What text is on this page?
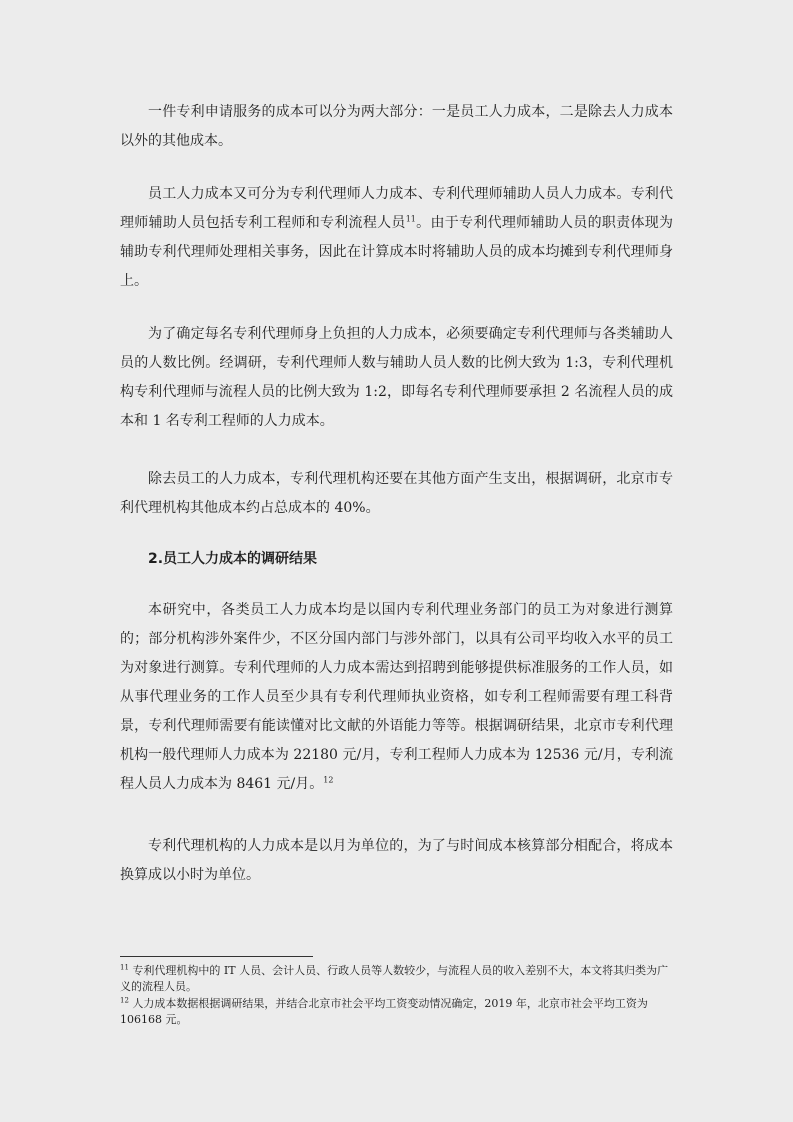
一件专利申请服务的成本可以分为两大部分：一是员工人力成本，二是除去人力成本以外的其他成本。

员工人力成本又可分为专利代理师人力成本、专利代理师辅助人员人力成本。专利代理师辅助人员包括专利工程师和专利流程人员$^{11}$。由于专利代理师辅助人员的职责体现为辅助专利代理师处理相关事务，因此在计算成本时将辅助人员的成本均摊到专利代理师身上。

为了确定每名专利代理师身上负担的人力成本，必须要确定专利代理师与各类辅助人员的人数比例。经调研，专利代理师人数与辅助人员人数的比例大致为 1:3，专利代理机构专利代理师与流程人员的比例大致为 1:2，即每名专利代理师要承担 2 名流程人员的成本和 1 名专利工程师的人力成本。

除去员工的人力成本，专利代理机构还要在其他方面产生支出，根据调研，北京市专利代理机构其他成本约占总成本的 40%。

2.员工人力成本的调研结果

本研究中，各类员工人力成本均是以国内专利代理业务部门的员工为对象进行测算的；部分机构涉外案件少，不区分国内部门与涉外部门，以具有公司平均收入水平的员工为对象进行测算。专利代理师的人力成本需达到招聘到能够提供标准服务的工作人员，如从事代理业务的工作人员至少具有专利代理师执业资格，如专利工程师需要有理工科背景，专利代理师需要有能读懂对比文献的外语能力等等。根据调研结果，北京市专利代理机构一般代理师人力成本为 22180 元/月，专利工程师人力成本为 12536 元/月，专利流程人员人力成本为 8461 元/月。$^{12}$

专利代理机构的人力成本是以月为单位的，为了与时间成本核算部分相配合，将成本换算成以小时为单位。

$^{11}$ 专利代理机构中的 IT 人员、会计人员、行政人员等人数较少，与流程人员的收入差别不大，本文将其归类为广义的流程人员。

$^{12}$ 人力成本数据根据调研结果，并结合北京市社会平均工资变动情况确定，2019 年，北京市社会平均工资为 106168 元。
